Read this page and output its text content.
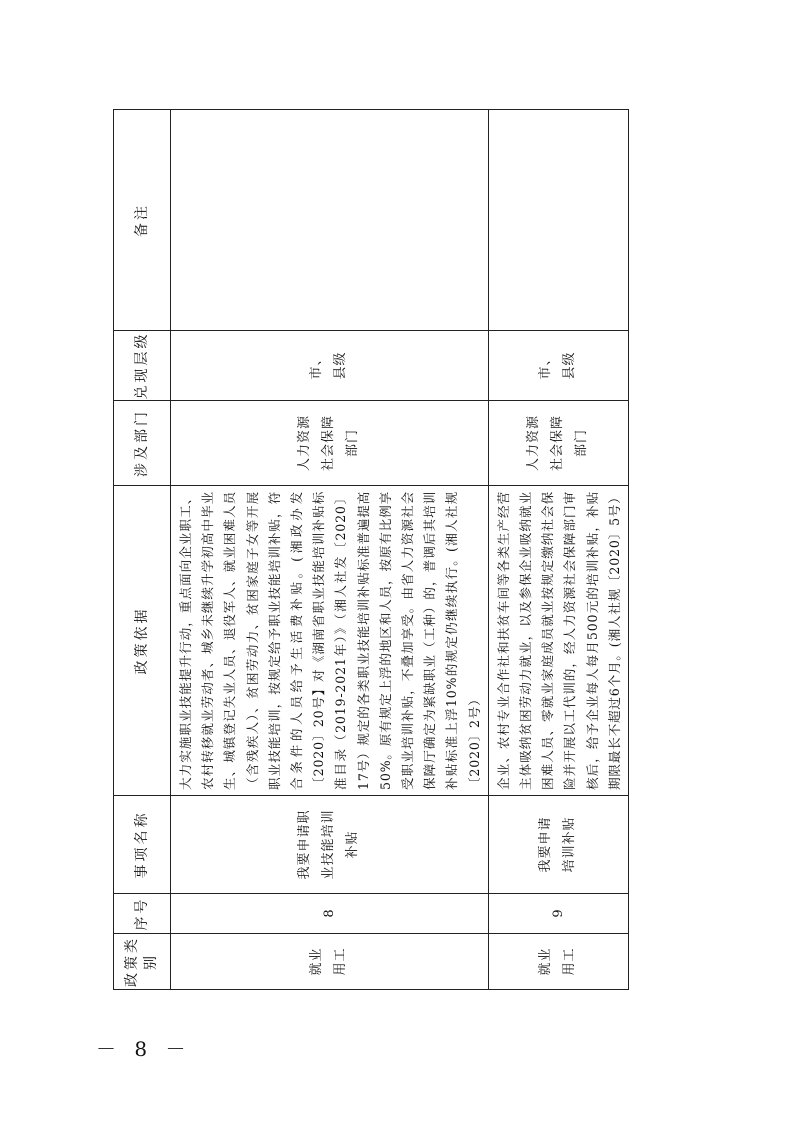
政策类别	序号	事项名称	政策依据	涉及部门	兑现层级	备注
就业用工	8	我要申请职业技能培训补贴	大力实施职业技能提升行动，重点面向企业职工、农村转移就业劳动者、城乡未继续升学初高中毕业生、城镇登记失业人员、退役军人、就业困难人员（含残疾人）、贫困劳动力、贫困家庭子女等开展职业技能培训，按规定给予职业技能培训补贴，符合条件的人员给予生活费补贴。(湘政办发〔2020〕20号】对《湖南省职业技能培训补贴标准目录（2019-2021年）》（湘人社发〔2020〕17号）规定的各类职业技能培训补贴标准普遍提高50%。原有规定上浮的地区和人员，按原有比例享受职业培训补贴，不叠加享受。由省人力资源社会保障厅确定为紧缺职业（工种）的，普调后其培训补贴标准上浮10%的规定仍继续执行。(湘人社规〔2020〕2号）	人力资源社会保障部门	市、县级	
就业用工	9	我要申请培训补贴	企业、农村专业合作社和扶贫车间等各类生产经营主体吸纳贫困劳动力就业，以及参保企业吸纳就业困难人员、零就业家庭成员就业按规定缴纳社会保险并开展以工代训的，经人力资源社会保障部门审核后，给予企业每人每月500元的培训补贴，补贴期限最长不超过6个月。(湘人社规〔2020〕5号）	人力资源社会保障部门	市、县级	
－ 8 －
